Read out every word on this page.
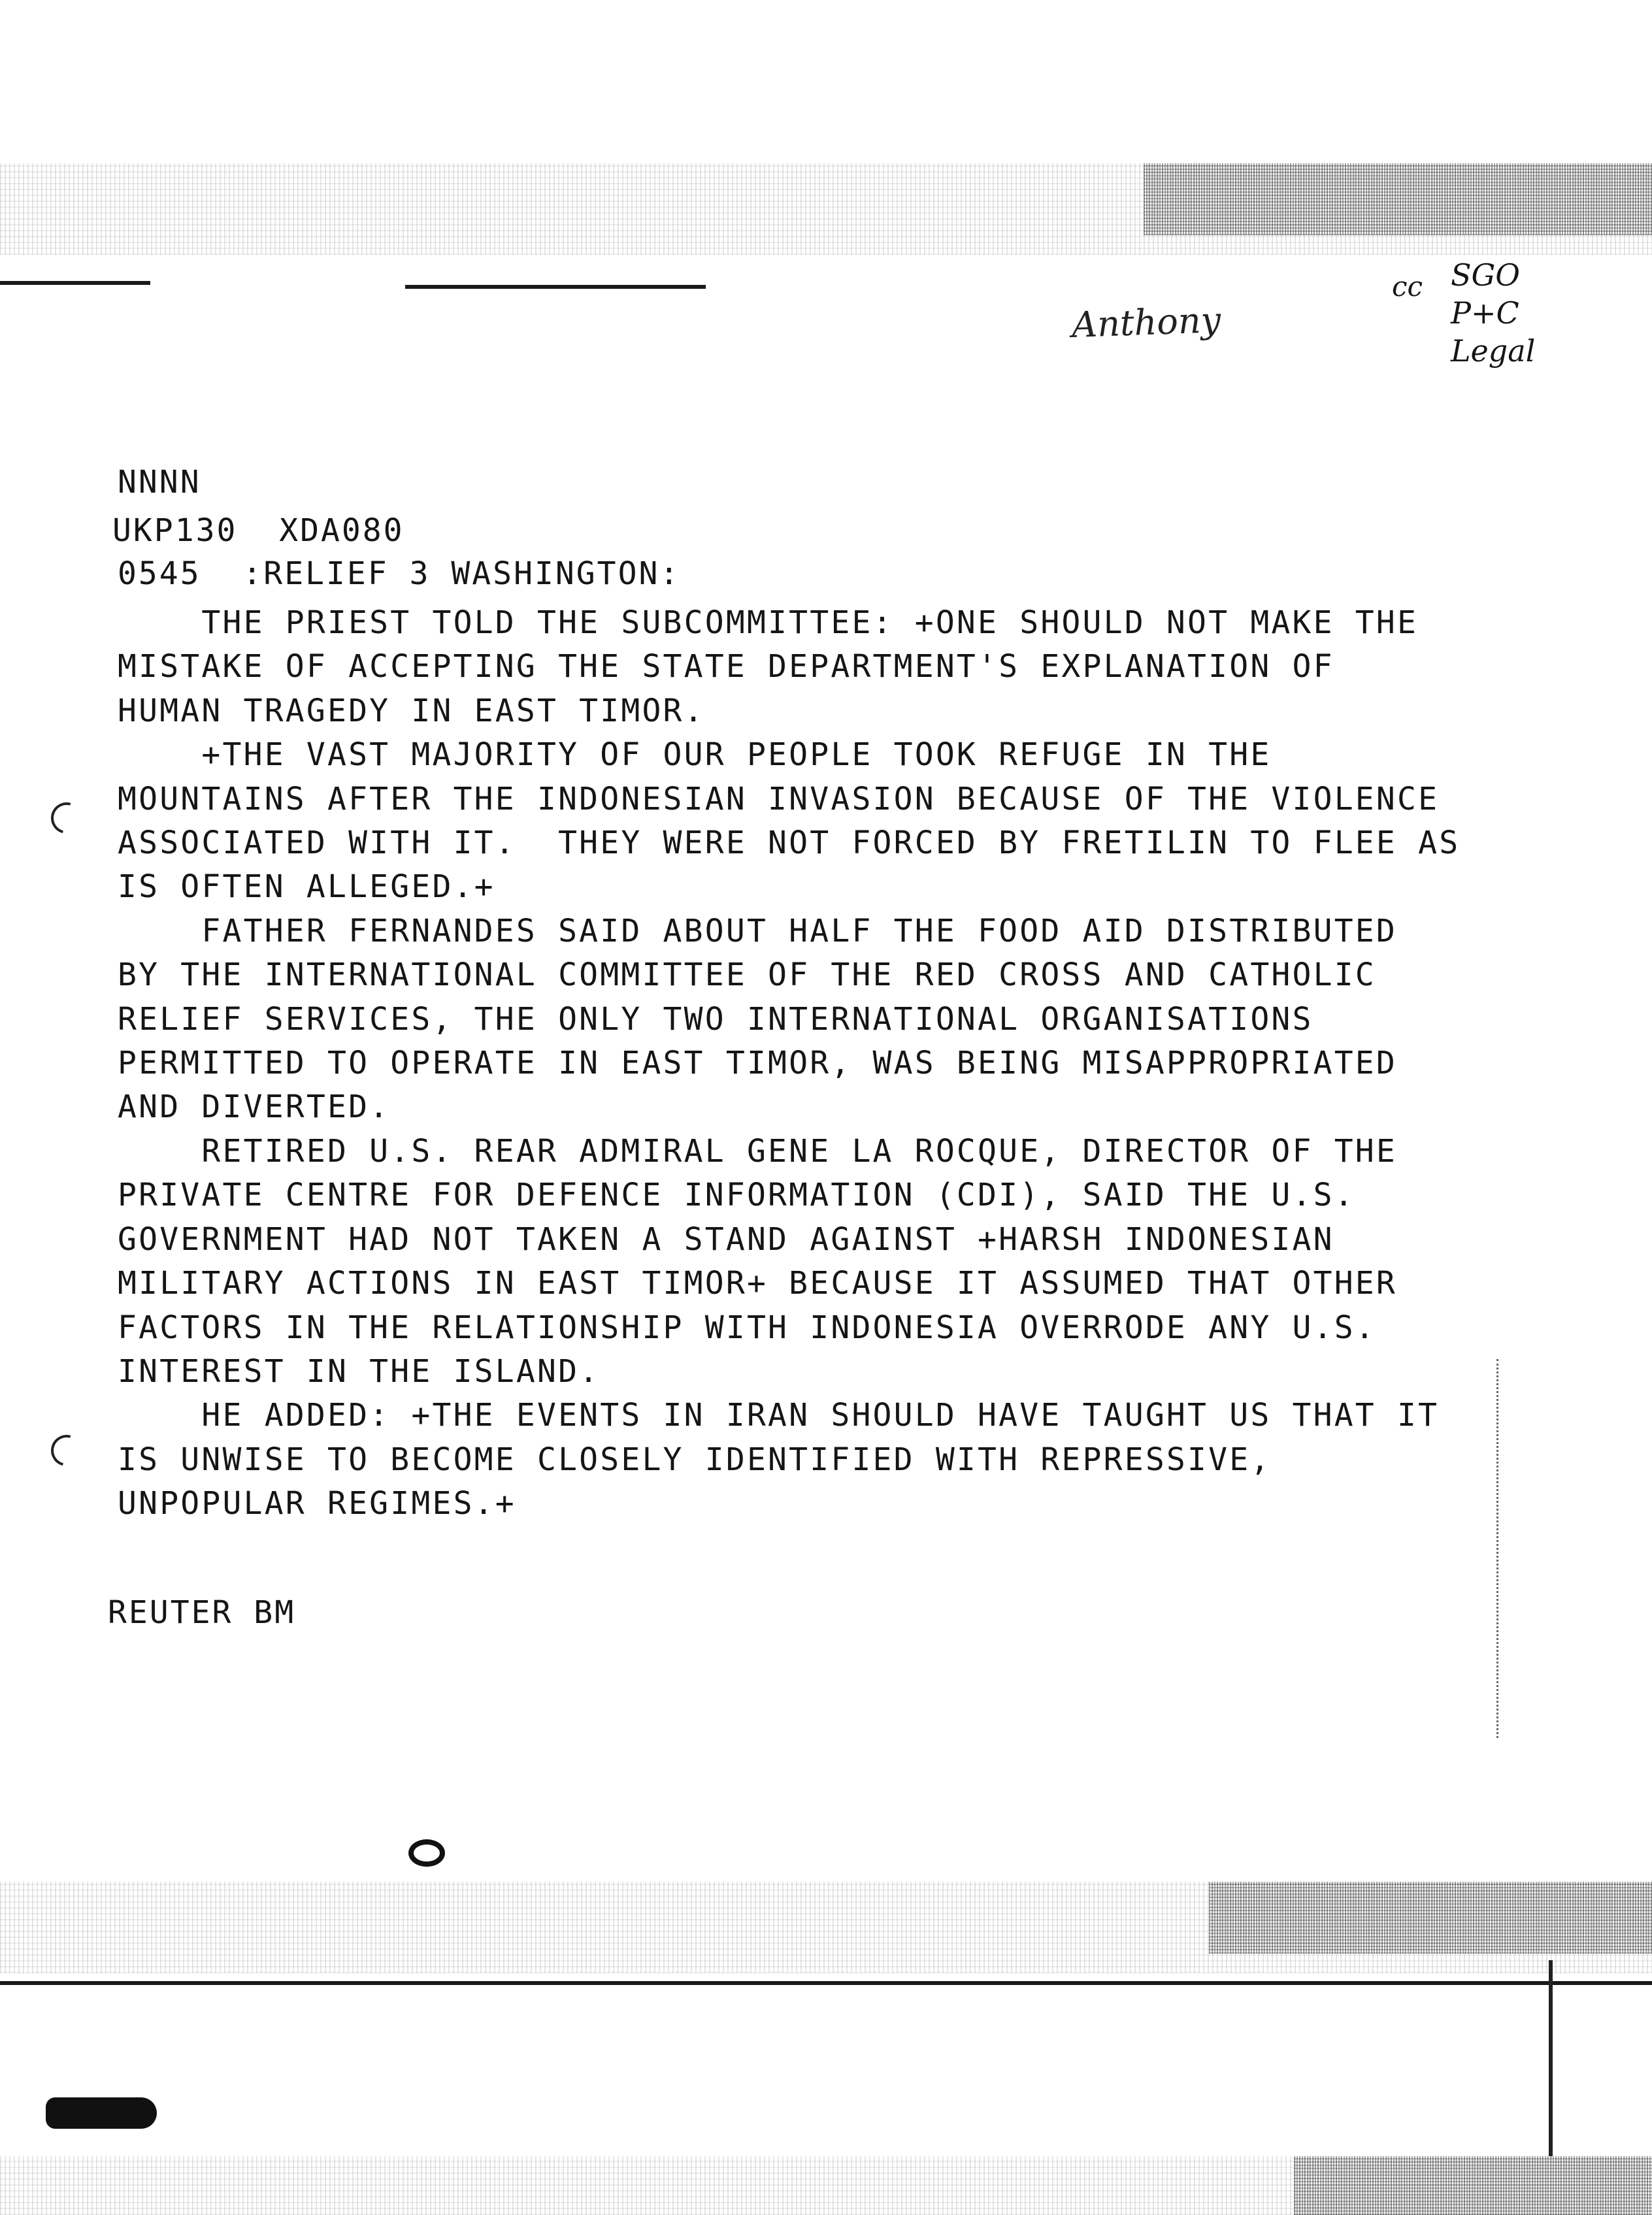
Anthony
cc SGO
P+C
Legal
NNNN
UKP130  XDA080
0545  :RELIEF 3 WASHINGTON:

THE PRIEST TOLD THE SUBCOMMITTEE: +ONE SHOULD NOT MAKE THE

MISTAKE OF ACCEPTING THE STATE DEPARTMENT'S EXPLANATION OF

HUMAN TRAGEDY IN EAST TIMOR.

+THE VAST MAJORITY OF OUR PEOPLE TOOK REFUGE IN THE

MOUNTAINS AFTER THE INDONESIAN INVASION BECAUSE OF THE VIOLENCE

ASSOCIATED WITH IT.  THEY WERE NOT FORCED BY FRETILIN TO FLEE AS

IS OFTEN ALLEGED.+

FATHER FERNANDES SAID ABOUT HALF THE FOOD AID DISTRIBUTED

BY THE INTERNATIONAL COMMITTEE OF THE RED CROSS AND CATHOLIC

RELIEF SERVICES, THE ONLY TWO INTERNATIONAL ORGANISATIONS

PERMITTED TO OPERATE IN EAST TIMOR, WAS BEING MISAPPROPRIATED

AND DIVERTED.

RETIRED U.S. REAR ADMIRAL GENE LA ROCQUE, DIRECTOR OF THE

PRIVATE CENTRE FOR DEFENCE INFORMATION (CDI), SAID THE U.S.

GOVERNMENT HAD NOT TAKEN A STAND AGAINST +HARSH INDONESIAN

MILITARY ACTIONS IN EAST TIMOR+ BECAUSE IT ASSUMED THAT OTHER

FACTORS IN THE RELATIONSHIP WITH INDONESIA OVERRODE ANY U.S.

INTEREST IN THE ISLAND.

HE ADDED: +THE EVENTS IN IRAN SHOULD HAVE TAUGHT US THAT IT

IS UNWISE TO BECOME CLOSELY IDENTIFIED WITH REPRESSIVE,

UNPOPULAR REGIMES.+

REUTER BM
